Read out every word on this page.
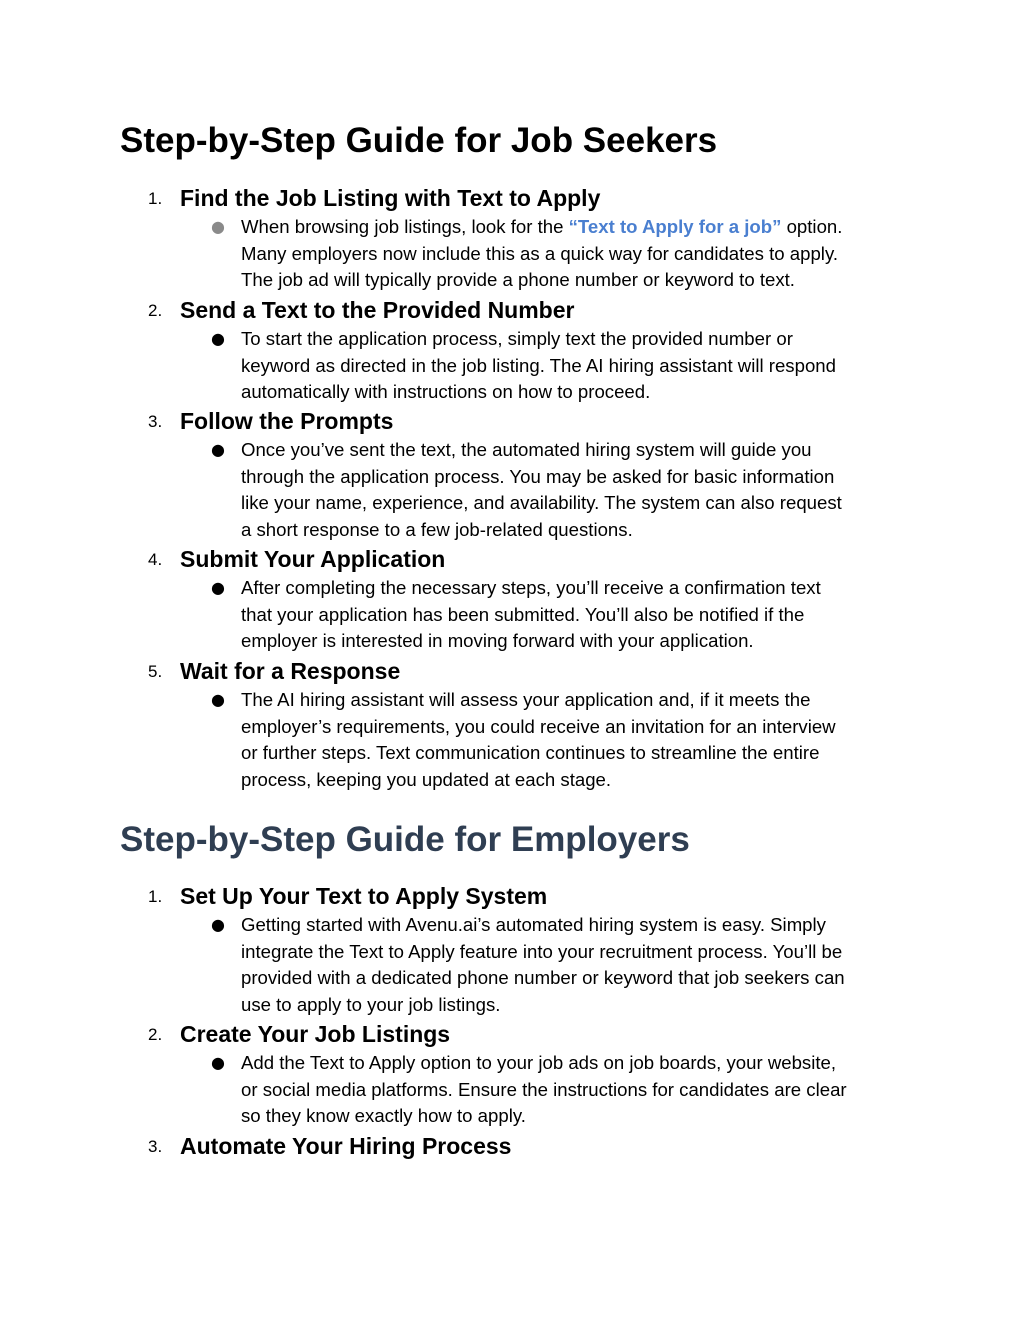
Step-by-Step Guide for Job Seekers
1. Find the Job Listing with Text to Apply
● When browsing job listings, look for the “Text to Apply for a job” option.
Many employers now include this as a quick way for candidates to apply.
The job ad will typically provide a phone number or keyword to text.

2. Send a Text to the Provided Number
● To start the application process, simply text the provided number or
keyword as directed in the job listing. The AI hiring assistant will respond
automatically with instructions on how to proceed.

3. Follow the Prompts
● Once you’ve sent the text, the automated hiring system will guide you
through the application process. You may be asked for basic information
like your name, experience, and availability. The system can also request
a short response to a few job-related questions.

4. Submit Your Application
● After completing the necessary steps, you’ll receive a confirmation text
that your application has been submitted. You’ll also be notified if the
employer is interested in moving forward with your application.

5. Wait for a Response
● The AI hiring assistant will assess your application and, if it meets the
employer’s requirements, you could receive an invitation for an interview
or further steps. Text communication continues to streamline the entire
process, keeping you updated at each stage.

Step-by-Step Guide for Employers
1. Set Up Your Text to Apply System
● Getting started with Avenu.ai’s automated hiring system is easy. Simply
integrate the Text to Apply feature into your recruitment process. You’ll be
provided with a dedicated phone number or keyword that job seekers can
use to apply to your job listings.

2. Create Your Job Listings
● Add the Text to Apply option to your job ads on job boards, your website,
or social media platforms. Ensure the instructions for candidates are clear
so they know exactly how to apply.

3. Automate Your Hiring Process
